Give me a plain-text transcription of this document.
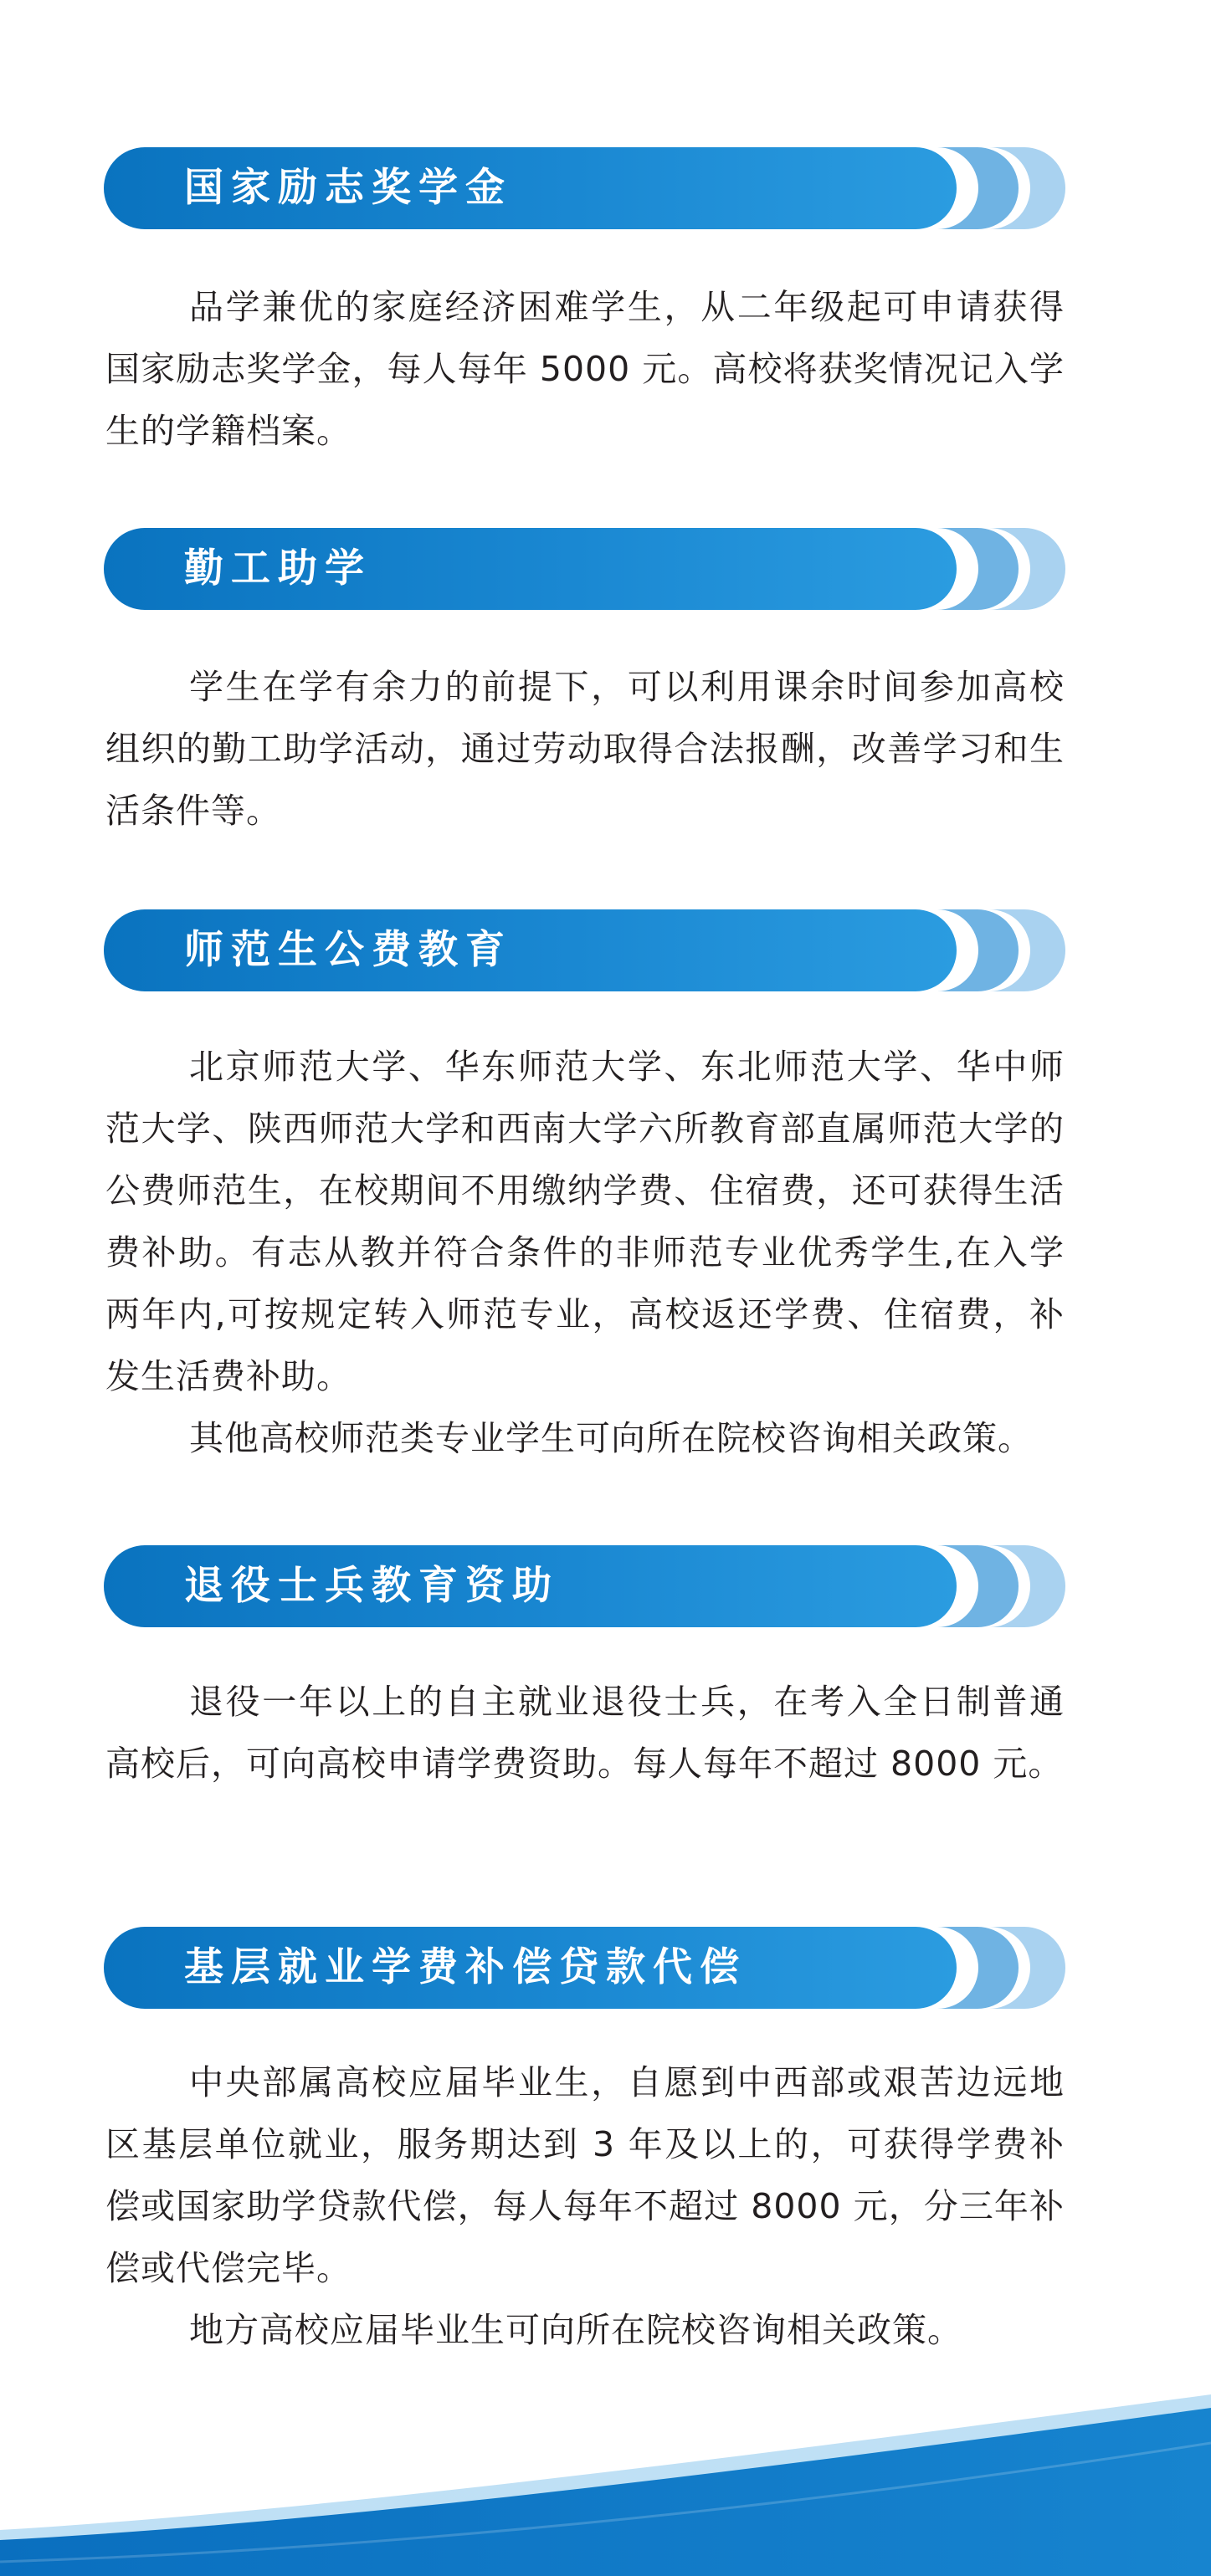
国家励志奖学金

品学兼优的家庭经济困难学生，从二年级起可申请获得国家励志奖学金，每人每年 5000 元。高校将获奖情况记入学生的学籍档案。

勤工助学

学生在学有余力的前提下，可以利用课余时间参加高校组织的勤工助学活动，通过劳动取得合法报酬，改善学习和生活条件等。

师范生公费教育

北京师范大学、华东师范大学、东北师范大学、华中师范大学、陕西师范大学和西南大学六所教育部直属师范大学的公费师范生，在校期间不用缴纳学费、住宿费，还可获得生活费补助。有志从教并符合条件的非师范专业优秀学生,在入学两年内,可按规定转入师范专业，高校返还学费、住宿费，补发生活费补助。

其他高校师范类专业学生可向所在院校咨询相关政策。

退役士兵教育资助

退役一年以上的自主就业退役士兵，在考入全日制普通高校后，可向高校申请学费资助。每人每年不超过 8000 元。

基层就业学费补偿贷款代偿

中央部属高校应届毕业生，自愿到中西部或艰苦边远地区基层单位就业，服务期达到 3 年及以上的，可获得学费补偿或国家助学贷款代偿，每人每年不超过 8000 元，分三年补偿或代偿完毕。

地方高校应届毕业生可向所在院校咨询相关政策。
